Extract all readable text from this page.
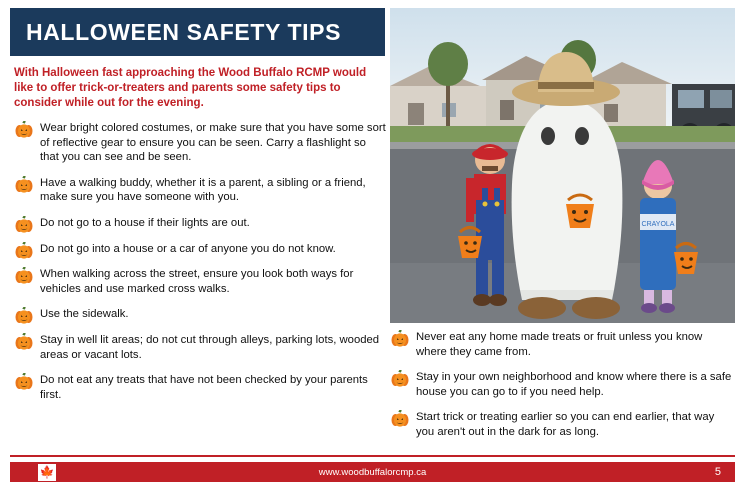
HALLOWEEN SAFETY TIPS
CRAYOLA

With Halloween fast approaching the Wood Buffalo RCMP would like to offer trick-or-treaters and parents some safety tips to consider while out for the evening.

Wear bright colored costumes, or make sure that you have some sort of reflective gear to ensure you can be seen. Carry a flashlight so that you can see and be seen.
Have a walking buddy, whether it is a parent, a sibling or a friend, make sure you have someone with you.
Do not go to a house if their lights are out.
Do not go into a house or a car of anyone you do not know.
When walking across the street, ensure you look both ways for vehicles and use marked cross walks.
Use the sidewalk.
Stay in well lit areas; do not cut through alleys, parking lots, wooded areas or vacant lots.
Do not eat any treats that have not been checked by your parents first.
Never eat any home made treats or fruit unless you know where they came from.
Stay in your own neighborhood and know where there is a safe house you can go to if you need help.
Start trick or treating earlier so you can end earlier, that way you aren't out in the dark for as long.
🍁	www.woodbuffalorcmp.ca	5
